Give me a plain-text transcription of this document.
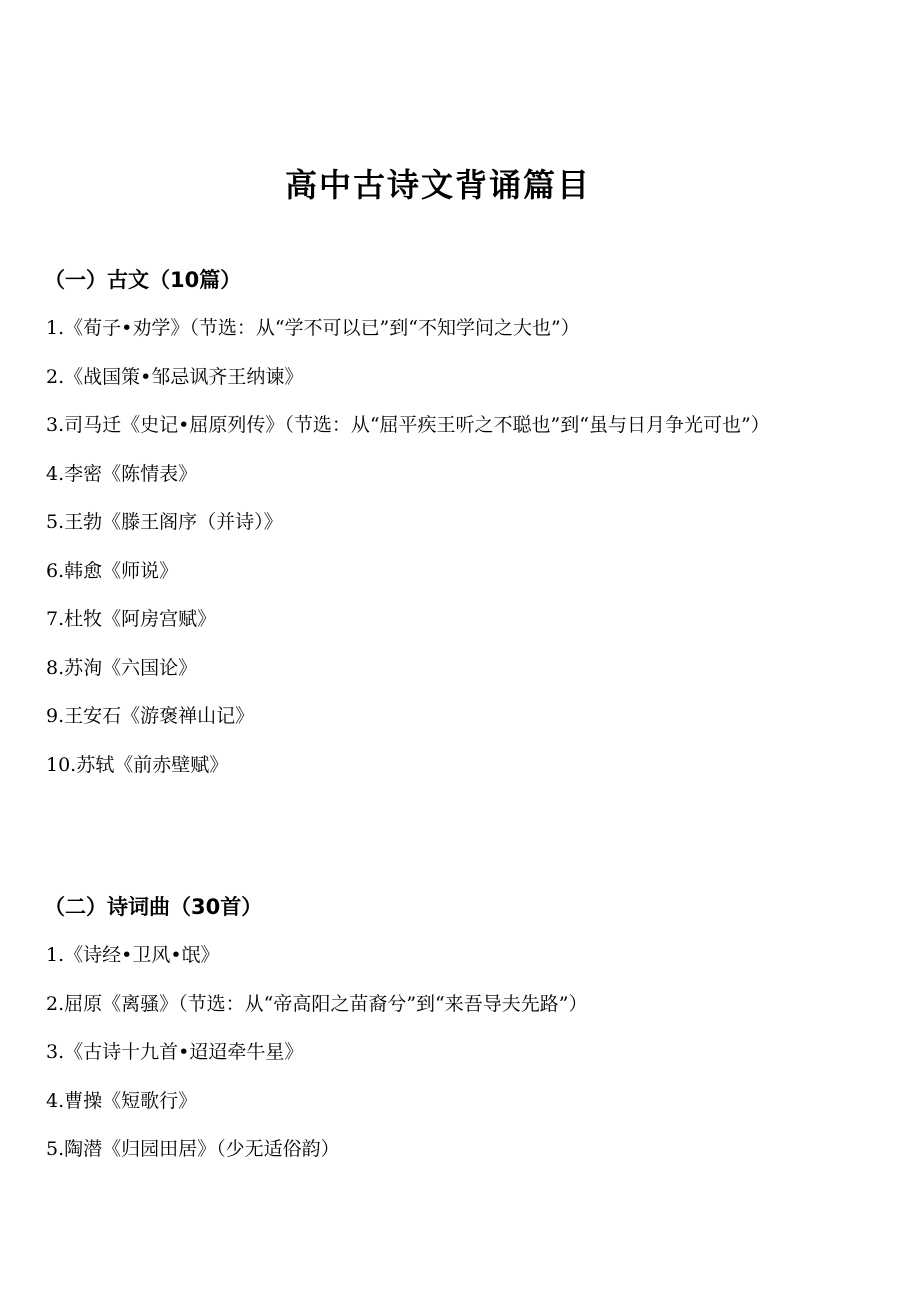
高中古诗文背诵篇目
（一）古文（10篇）
1.《荀子•劝学》（节选：从“学不可以已”到“不知学问之大也”）
2.《战国策•邹忌讽齐王纳谏》
3.司马迁《史记•屈原列传》（节选：从“屈平疾王听之不聪也”到“虽与日月争光可也”）
4.李密《陈情表》
5.王勃《滕王阁序（并诗）》
6.韩愈《师说》
7.杜牧《阿房宫赋》
8.苏洵《六国论》
9.王安石《游褒禅山记》
10.苏轼《前赤壁赋》
（二）诗词曲（30首）
1.《诗经•卫风•氓》
2.屈原《离骚》（节选：从“帝高阳之苗裔兮”到“来吾导夫先路”）
3.《古诗十九首•迢迢牵牛星》
4.曹操《短歌行》
5.陶潜《归园田居》（少无适俗韵）
